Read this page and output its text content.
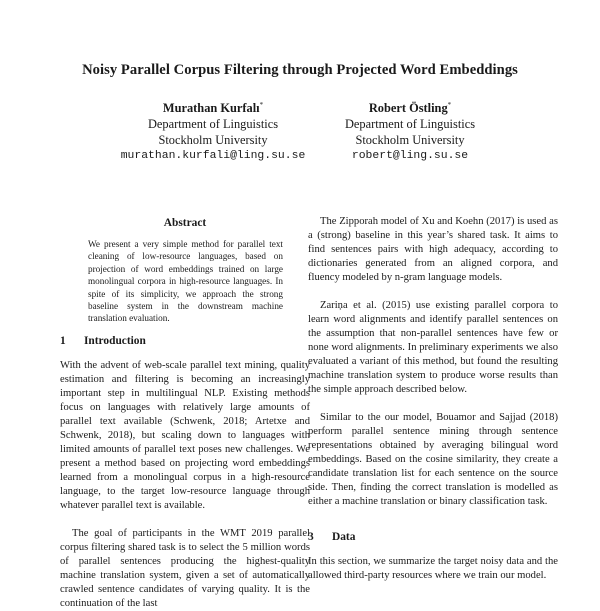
Noisy Parallel Corpus Filtering through Projected Word Embeddings
Murathan Kurfalı*
Department of Linguistics
Stockholm University
murathan.kurfali@ling.su.se
Robert Östling*
Department of Linguistics
Stockholm University
robert@ling.su.se
Abstract
We present a very simple method for parallel text cleaning of low-resource languages, based on projection of word embeddings trained on large monolingual corpora in high-resource languages. In spite of its simplicity, we approach the strong baseline system in the downstream machine translation evaluation.
1 Introduction

With the advent of web-scale parallel text mining, quality estimation and filtering is becoming an increasingly important step in multilingual NLP. Existing methods focus on languages with relatively large amounts of parallel text available (Schwenk, 2018; Artetxe and Schwenk, 2018), but scaling down to languages with limited amounts of parallel text poses new challenges. We present a method based on projecting word embeddings learned from a monolingual corpus in a high-resource language, to the target low-resource language through whatever parallel text is available.

The goal of participants in the WMT 2019 parallel corpus filtering shared task is to select the 5 million words of parallel sentences producing the highest-quality machine translation system, given a set of automatically crawled sentence candidates of varying quality. It is the continuation of the last

The Zipporah model of Xu and Koehn (2017) is used as a (strong) baseline in this year’s shared task. It aims to find sentences pairs with high adequacy, according to dictionaries generated from an aligned corpora, and fluency modeled by n-gram language models.

Zariņa et al. (2015) use existing parallel corpora to learn word alignments and identify parallel sentences on the assumption that non-parallel sentences have few or none word alignments. In preliminary experiments we also evaluated a variant of this method, but found the resulting machine translation system to produce worse results than the simple approach described below.

Similar to the our model, Bouamor and Sajjad (2018) perform parallel sentence mining through sentence representations obtained by averaging bilingual word embeddings. Based on the cosine similarity, they create a candidate translation list for each sentence on the source side. Then, finding the correct translation is modelled as either a machine translation or binary classification task.

3 Data

In this section, we summarize the target noisy data and the allowed third-party resources where we train our model.
